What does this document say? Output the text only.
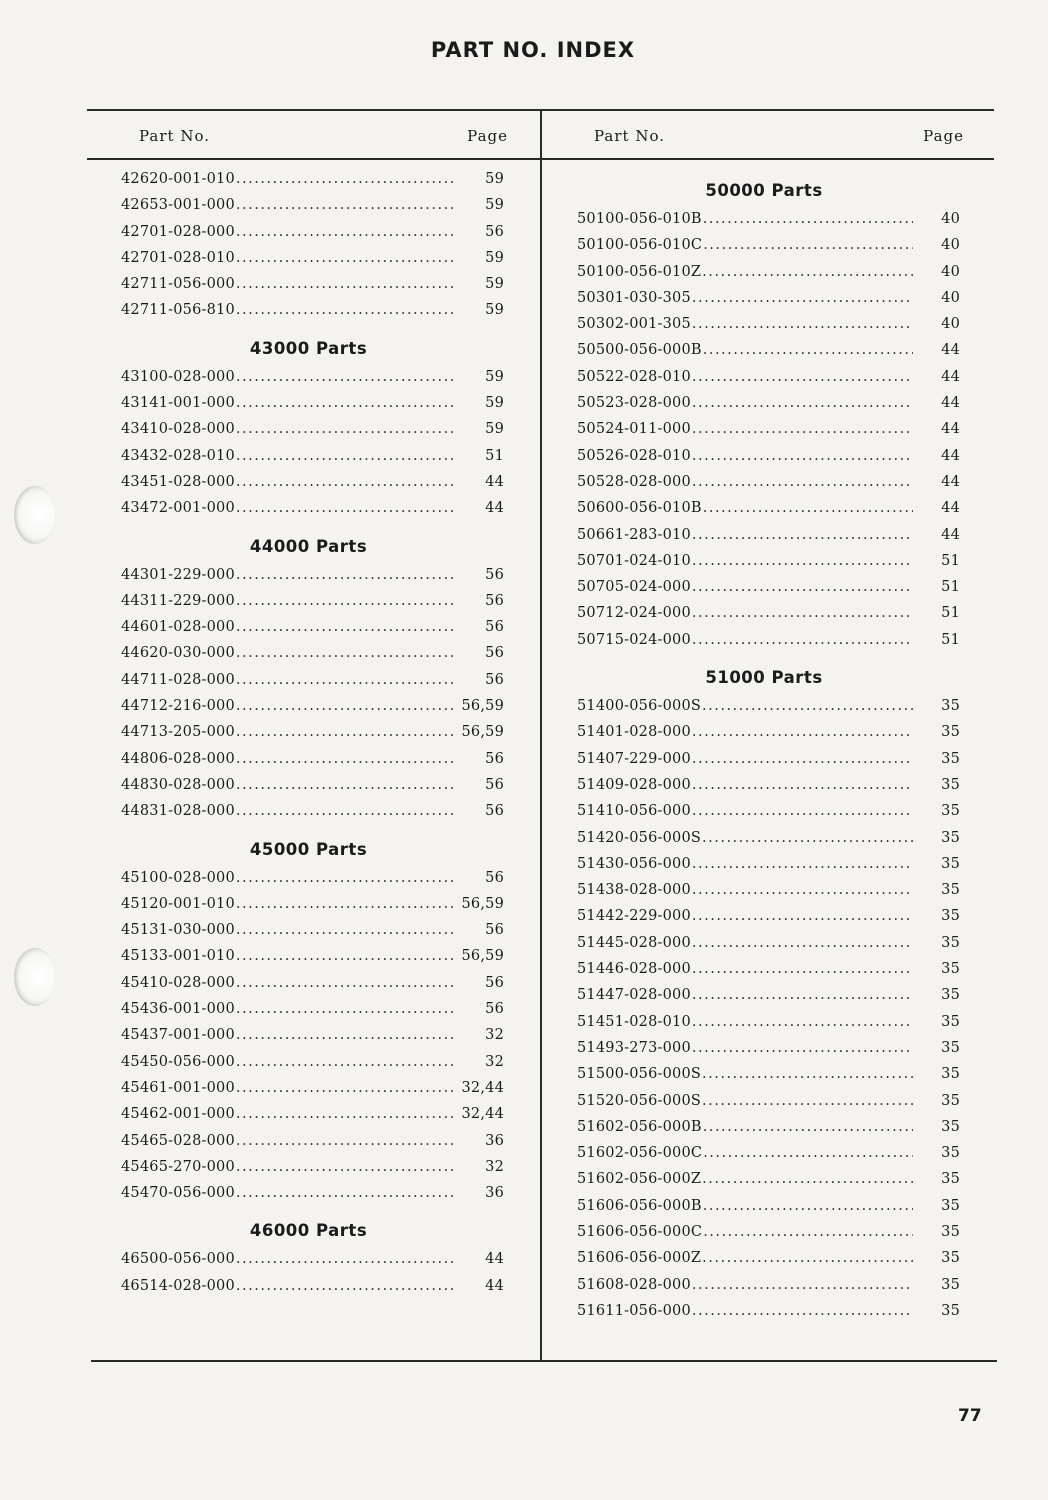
PART NO. INDEX
Part No.	Page
42620-001-010 .....	59
42653-001-000 .....	59
42701-028-000 .....	56
42701-028-010 .....	59
42711-056-000 .....	59
42711-056-810 .....	59
43000 Parts
43100-028-000 .....	59
43141-001-000 .....	59
43410-028-000 .....	59
43432-028-010 .....	51
43451-028-000 .....	44
43472-001-000 .....	44
44000 Parts
44301-229-000 .....	56
44311-229-000 .....	56
44601-028-000 .....	56
44620-030-000 .....	56
44711-028-000 .....	56
44712-216-000 .....	56,59
44713-205-000 .....	56,59
44806-028-000 .....	56
44830-028-000 .....	56
44831-028-000 .....	56
45000 Parts
45100-028-000 .....	56
45120-001-010 .....	56,59
45131-030-000 .....	56
45133-001-010 .....	56,59
45410-028-000 .....	56
45436-001-000 .....	56
45437-001-000 .....	32
45450-056-000 .....	32
45461-001-000 .....	32,44
45462-001-000 .....	32,44
45465-028-000 .....	36
45465-270-000 .....	32
45470-056-000 .....	36
46000 Parts
46500-056-000 .....	44
46514-028-000 .....	44
Part No.	Page
50000 Parts
50100-056-010B .....	40
50100-056-010C .....	40
50100-056-010Z .....	40
50301-030-305 .....	40
50302-001-305 .....	40
50500-056-000B .....	44
50522-028-010 .....	44
50523-028-000 .....	44
50524-011-000 .....	44
50526-028-010 .....	44
50528-028-000 .....	44
50600-056-010B .....	44
50661-283-010 .....	44
50701-024-010 .....	51
50705-024-000 .....	51
50712-024-000 .....	51
50715-024-000 .....	51
51000 Parts
51400-056-000S .....	35
51401-028-000 .....	35
51407-229-000 .....	35
51409-028-000 .....	35
51410-056-000 .....	35
51420-056-000S .....	35
51430-056-000 .....	35
51438-028-000 .....	35
51442-229-000 .....	35
51445-028-000 .....	35
51446-028-000 .....	35
51447-028-000 .....	35
51451-028-010 .....	35
51493-273-000 .....	35
51500-056-000S .....	35
51520-056-000S .....	35
51602-056-000B .....	35
51602-056-000C .....	35
51602-056-000Z .....	35
51606-056-000B .....	35
51606-056-000C .....	35
51606-056-000Z .....	35
51608-028-000 .....	35
51611-056-000 .....	35
77
